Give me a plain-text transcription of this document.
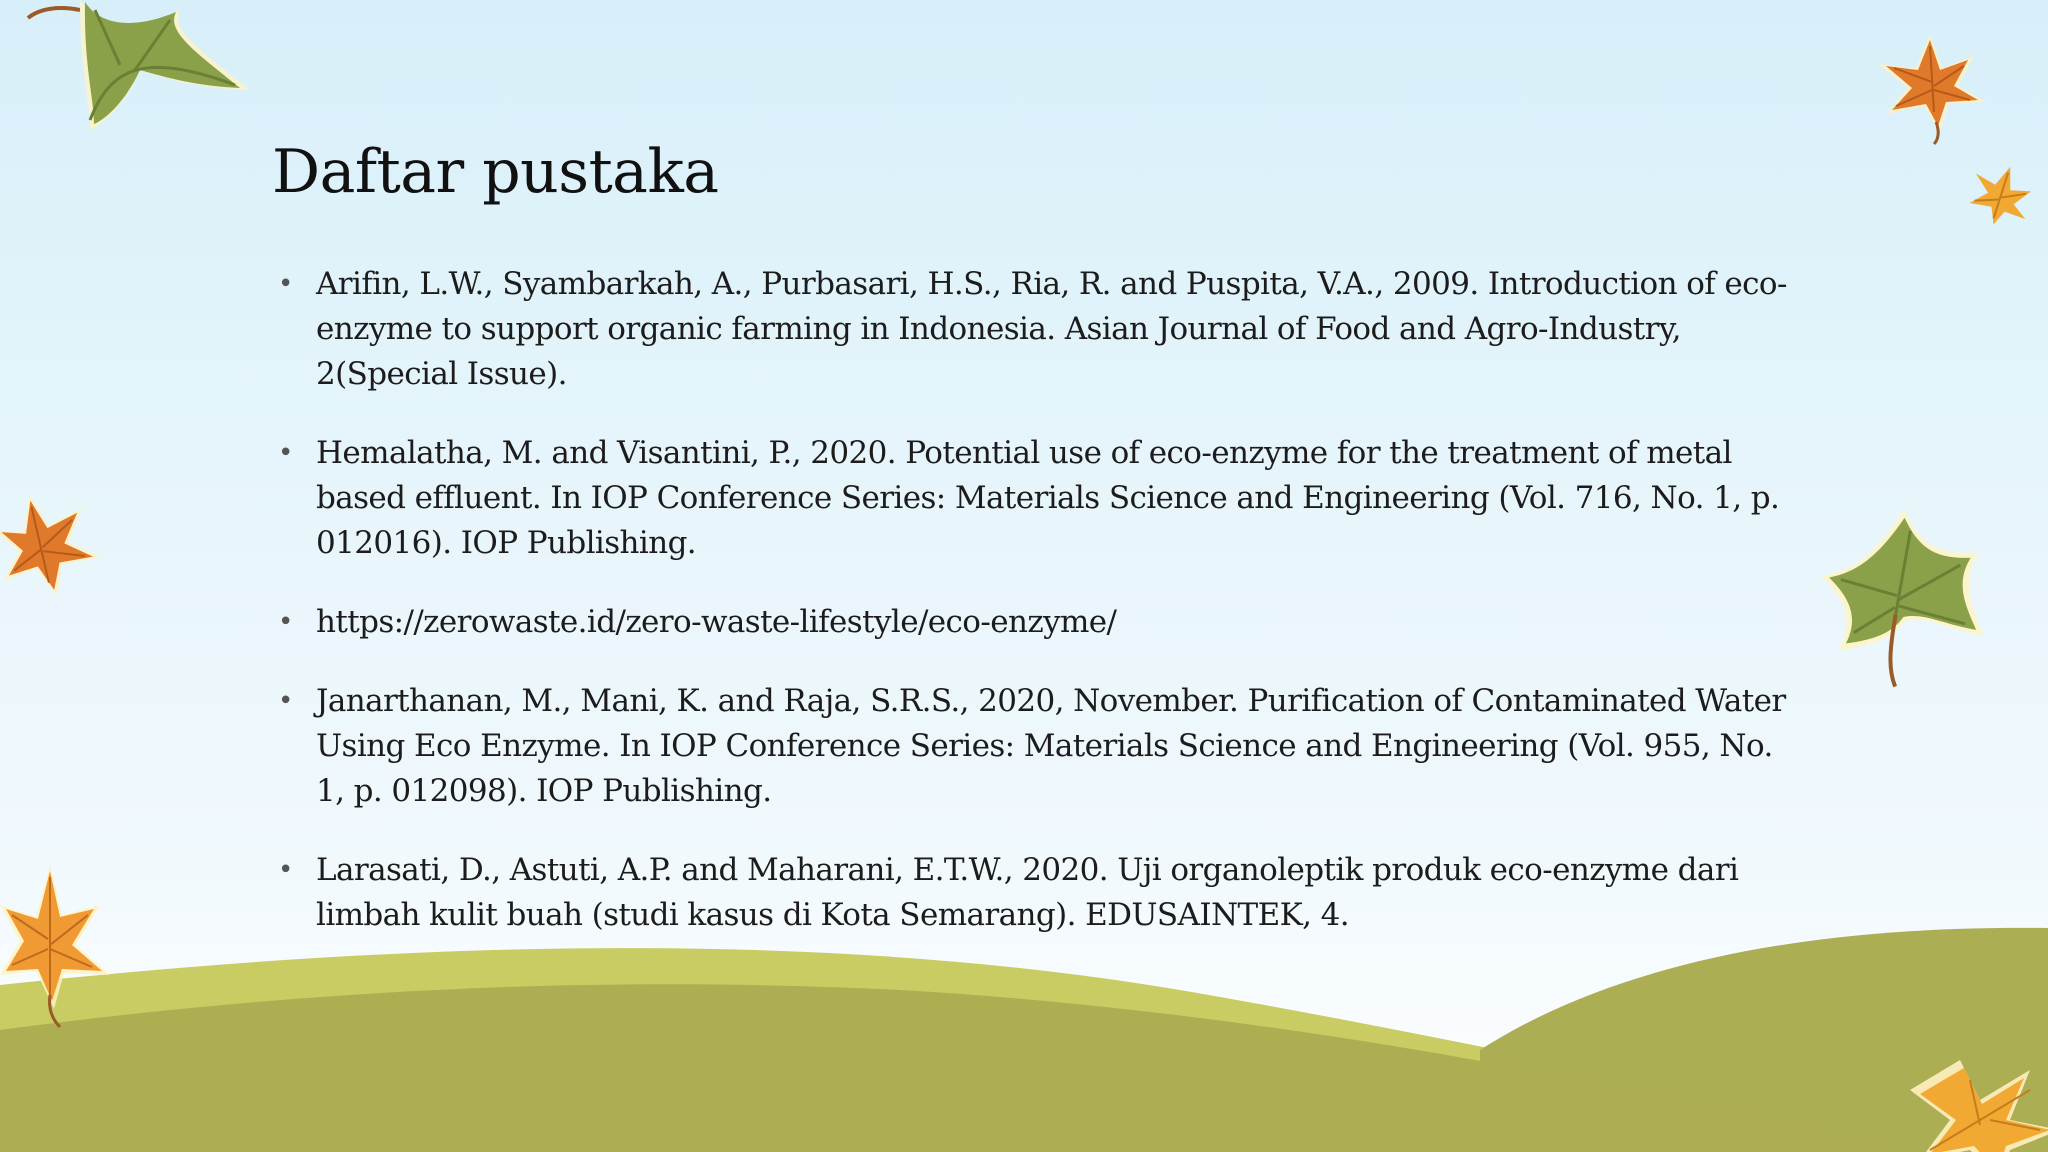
Daftar pustaka
• Arifin, L.W., Syambarkah, A., Purbasari, H.S., Ria, R. and Puspita, V.A., 2009. Introduction of eco-enzyme to support organic farming in Indonesia. Asian Journal of Food and Agro-Industry, 2(Special Issue).
• Hemalatha, M. and Visantini, P., 2020. Potential use of eco-enzyme for the treatment of metal based effluent. In IOP Conference Series: Materials Science and Engineering (Vol. 716, No. 1, p. 012016). IOP Publishing.
• https://zerowaste.id/zero-waste-lifestyle/eco-enzyme/
• Janarthanan, M., Mani, K. and Raja, S.R.S., 2020, November. Purification of Contaminated Water Using Eco Enzyme. In IOP Conference Series: Materials Science and Engineering (Vol. 955, No. 1, p. 012098). IOP Publishing.
• Larasati, D., Astuti, A.P. and Maharani, E.T.W., 2020. Uji organoleptik produk eco-enzyme dari limbah kulit buah (studi kasus di Kota Semarang). EDUSAINTEK, 4.
